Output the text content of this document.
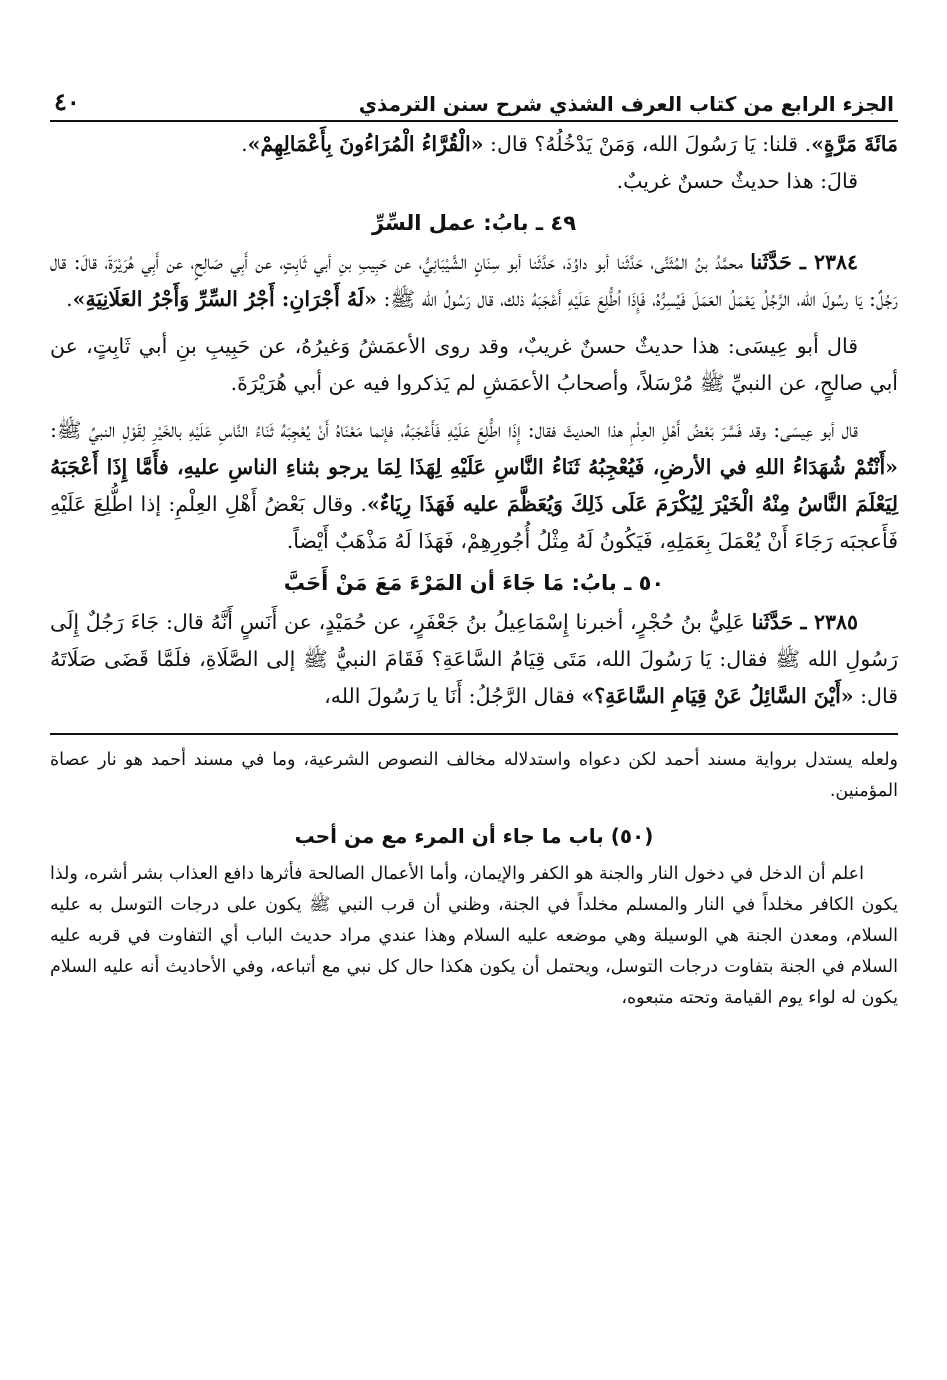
الجزء الرابع من كتاب العرف الشذي شرح سنن الترمذي
٤٠

مَائَةَ مَرَّةٍ». قلنا: يَا رَسُولَ الله، وَمَنْ يَدْخُلُهُ؟ قال: «الْقُرَّاءُ الْمُرَاءُونَ بِأَعْمَالِهِمْ».

قالَ: هذا حديثٌ حسنٌ غريبٌ.

٤٩ ـ بابُ: عمل السِّرِّ

٢٣٨٤ ـ حَدَّثَنا محمَّدُ بنُ المُثَنَّى، حَدَّثَنا أبو داوُدَ، حَدَّثَنا أبو سِنَانٍ الشَّيْبَانِيُّ، عن حَبِيبِ بنِ أبي ثَابِتٍ، عن أَبِي صَالِحٍ، عن أَبِي هُرَيْرَةَ، قالَ: قال رَجُلٌ: يَا رسُولَ الله، الرَّجُلُ يَعْمَلُ العَمَلَ فَيُسِرُّهُ، فَإِذَا اُطُّلِعَ عَلَيْهِ أَعْجَبَهُ ذلك، قال رَسُولُ الله ﷺ: «لَهُ أَجْرَانِ: أَجْرُ السِّرِّ وَأَجْرُ العَلَانِيَةِ».

قال أبو عِيسَى: هذا حديثٌ حسنٌ غريبٌ، وقد روى الأعمَشُ وَغيرُهُ، عن حَبِيبِ بنِ أبي ثَابِتٍ، عن أبي صالحٍ، عن النبيِّ ﷺ مُرْسَلاً، وأصحابُ الأعمَشِ لم يَذكروا فيه عن أبي هُرَيْرَةَ.

قال أبو عِيسَى: وقد فَسَّرَ بَعْضُ أَهْلِ العِلْمِ هذا الحديثَ فقال: إِذَا اطُّلِعَ عَلَيْهِ فَأَعْجَبَهُ، فإنما مَعْنَاهُ أَنْ يُعْجِبَهُ ثَنَاءُ النَّاسِ عَلَيْهِ بالخَيْرِ لِقَوْلِ النبيِّ ﷺ: «أَنْتُمْ شُهَدَاءُ اللهِ في الأرضِ، فَيُعْجِبُهُ ثَنَاءُ النَّاسِ عَلَيْهِ لِهَذَا لِمَا يرجو بثناءِ الناسِ عليهِ، فأَمَّا إِذَا أَعْجَبَهُ لِيَعْلَمَ النَّاسُ مِنْهُ الْخَيْرَ لِيُكْرَمَ عَلَى ذَلِكَ وَيُعَظَّمَ عليه فَهَذَا رِيَاءٌ». وقال بَعْضُ أَهْلِ العِلْمِ: إذا اطُّلِعَ عَلَيْهِ فَأَعجبَه رَجَاءَ أَنْ يُعْمَلَ بِعَمَلِهِ، فَيَكُونُ لَهُ مِثْلُ أُجُورِهِمْ، فَهَذَا لَهُ مَذْهَبٌ أَيْضاً.

٥٠ ـ بابُ: مَا جَاءَ أن المَرْءَ مَعَ مَنْ أَحَبَّ

٢٣٨٥ ـ حَدَّثَنا عَلِيُّ بنُ حُجْرٍ، أخبرنا إِسْمَاعِيلُ بنُ جَعْفَرٍ، عن حُمَيْدٍ، عن أَنَسٍ أَنَّهُ قال: جَاءَ رَجُلٌ إِلَى رَسُولِ الله ﷺ فقال: يَا رَسُولَ الله، مَتَى قِيَامُ السَّاعَةِ؟ فَقَامَ النبيُّ ﷺ إلى الصَّلَاةِ، فلَمَّا قَضَى صَلَاتَهُ قال: «أَيْنَ السَّائِلُ عَنْ قِيَامِ السَّاعَةِ؟» فقال الرَّجُلُ: أَنَا يا رَسُولَ الله،

ولعله يستدل برواية مسند أحمد لكن دعواه واستدلاله مخالف النصوص الشرعية، وما في مسند أحمد هو نار عصاة المؤمنين.

(٥٠) باب ما جاء أن المرء مع من أحب

اعلم أن الدخل في دخول النار والجنة هو الكفر والإيمان، وأما الأعمال الصالحة فأثرها دافع العذاب بشر أشره، ولذا يكون الكافر مخلداً في النار والمسلم مخلداً في الجنة، وظني أن قرب النبي ﷺ يكون على درجات التوسل به عليه السلام، ومعدن الجنة هي الوسيلة وهي موضعه عليه السلام وهذا عندي مراد حديث الباب أي التفاوت في قربه عليه السلام في الجنة بتفاوت درجات التوسل، ويحتمل أن يكون هكذا حال كل نبي مع أتباعه، وفي الأحاديث أنه عليه السلام يكون له لواء يوم القيامة وتحته متبعوه،
